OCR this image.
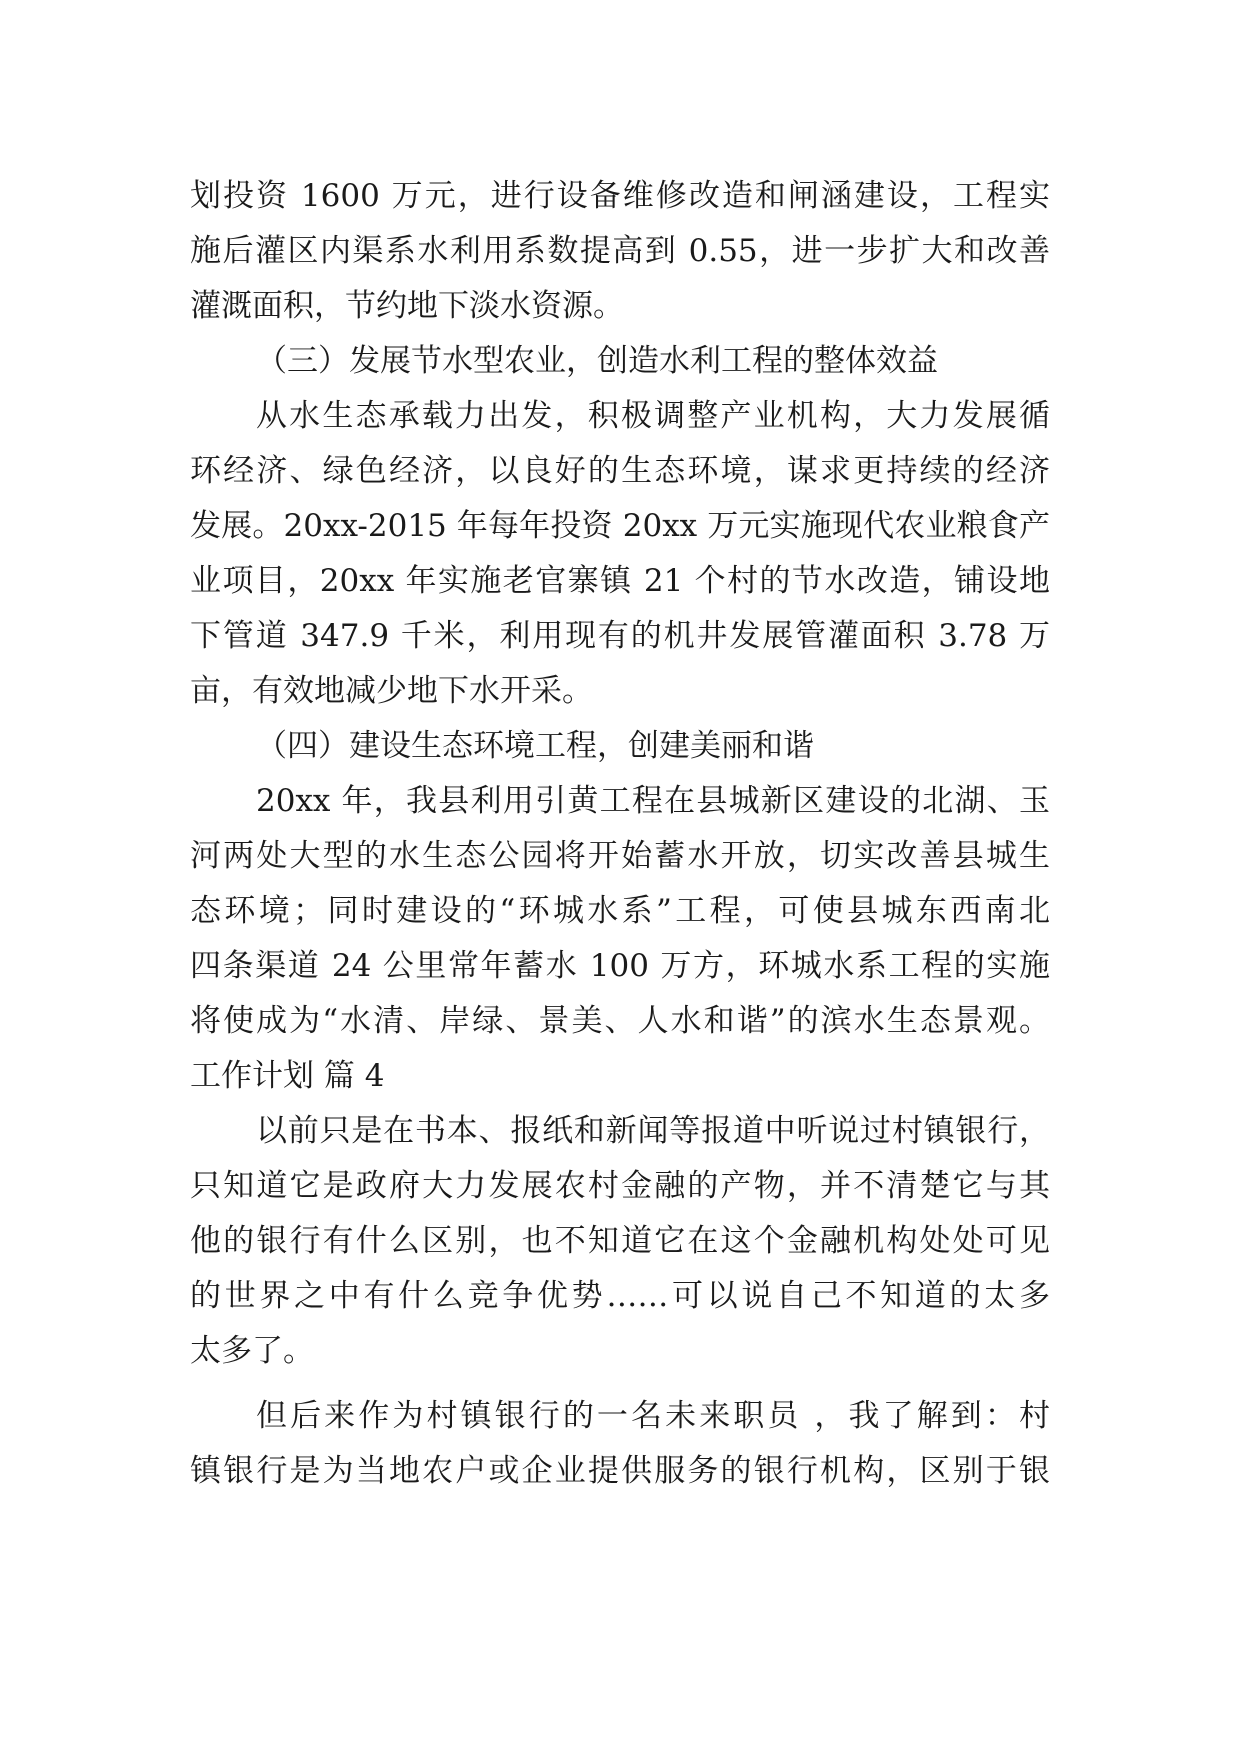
划投资 1600 万元，进行设备维修改造和闸涵建设，工程实
施后灌区内渠系水利用系数提高到 0.55，进一步扩大和改善
灌溉面积，节约地下淡水资源。
（三）发展节水型农业，创造水利工程的整体效益
从水生态承载力出发，积极调整产业机构，大力发展循
环经济、绿色经济，以良好的生态环境，谋求更持续的经济
发展。20xx-2015 年每年投资 20xx 万元实施现代农业粮食产
业项目，20xx 年实施老官寨镇 21 个村的节水改造，铺设地
下管道 347.9 千米，利用现有的机井发展管灌面积 3.78 万
亩，有效地减少地下水开采。
（四）建设生态环境工程，创建美丽和谐
20xx 年，我县利用引黄工程在县城新区建设的北湖、玉
河两处大型的水生态公园将开始蓄水开放，切实改善县城生
态环境；同时建设的“环城水系”工程，可使县城东西南北
四条渠道 24 公里常年蓄水 100 万方，环城水系工程的实施
将使成为“水清、岸绿、景美、人水和谐”的滨水生态景观。
工作计划 篇 4
以前只是在书本、报纸和新闻等报道中听说过村镇银行，
只知道它是政府大力发展农村金融的产物，并不清楚它与其
他的银行有什么区别，也不知道它在这个金融机构处处可见
的世界之中有什么竞争优势……可以说自己不知道的太多
太多了。
但后来作为村镇银行的一名未来职员 ，我了解到：村
镇银行是为当地农户或企业提供服务的银行机构，区别于银
